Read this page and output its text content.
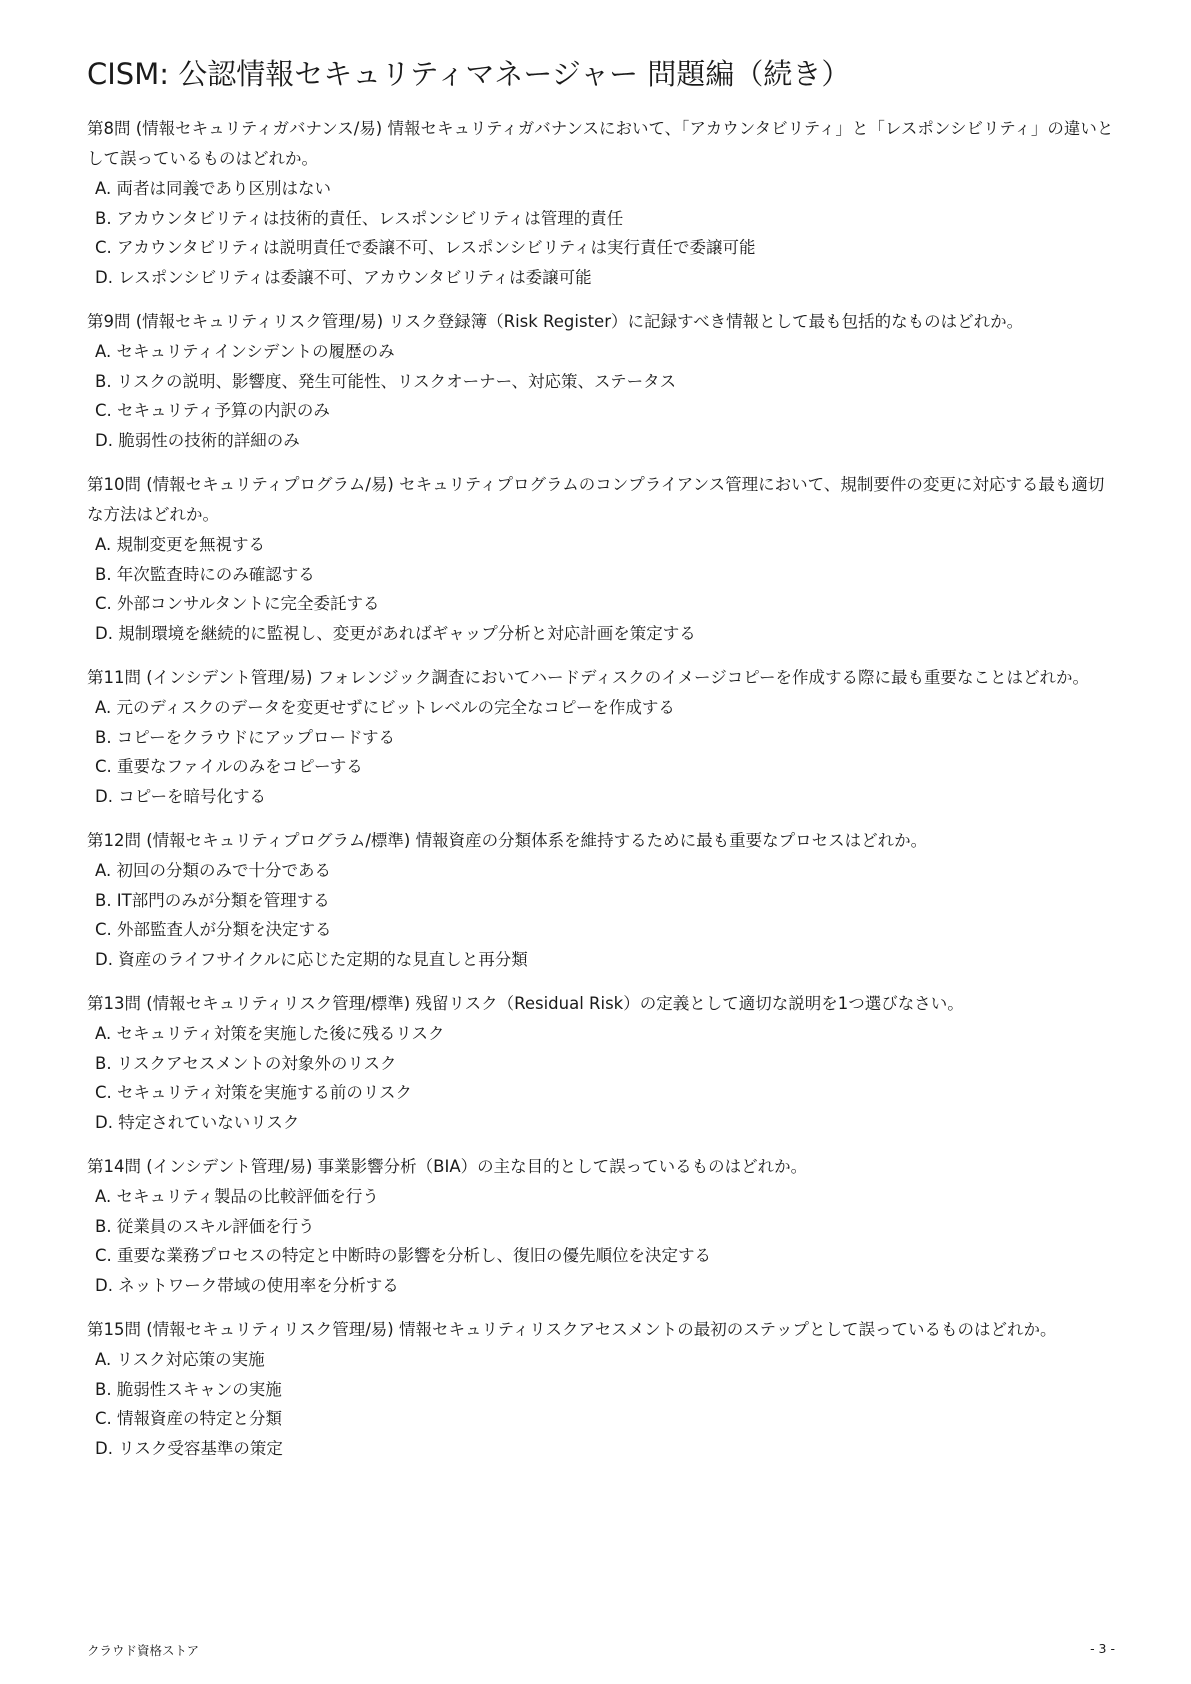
CISM: 公認情報セキュリティマネージャー 問題編（続き）

第8問 (情報セキュリティガバナンス/易) 情報セキュリティガバナンスにおいて、「アカウンタビリティ」と「レスポンシビリティ」の違いとして誤っているものはどれか。

A. 両者は同義であり区別はない
B. アカウンタビリティは技術的責任、レスポンシビリティは管理的責任
C. アカウンタビリティは説明責任で委譲不可、レスポンシビリティは実行責任で委譲可能
D. レスポンシビリティは委譲不可、アカウンタビリティは委譲可能

第9問 (情報セキュリティリスク管理/易) リスク登録簿（Risk Register）に記録すべき情報として最も包括的なものはどれか。

A. セキュリティインシデントの履歴のみ
B. リスクの説明、影響度、発生可能性、リスクオーナー、対応策、ステータス
C. セキュリティ予算の内訳のみ
D. 脆弱性の技術的詳細のみ

第10問 (情報セキュリティプログラム/易) セキュリティプログラムのコンプライアンス管理において、規制要件の変更に対応する最も適切な方法はどれか。

A. 規制変更を無視する
B. 年次監査時にのみ確認する
C. 外部コンサルタントに完全委託する
D. 規制環境を継続的に監視し、変更があればギャップ分析と対応計画を策定する

第11問 (インシデント管理/易) フォレンジック調査においてハードディスクのイメージコピーを作成する際に最も重要なことはどれか。

A. 元のディスクのデータを変更せずにビットレベルの完全なコピーを作成する
B. コピーをクラウドにアップロードする
C. 重要なファイルのみをコピーする
D. コピーを暗号化する

第12問 (情報セキュリティプログラム/標準) 情報資産の分類体系を維持するために最も重要なプロセスはどれか。

A. 初回の分類のみで十分である
B. IT部門のみが分類を管理する
C. 外部監査人が分類を決定する
D. 資産のライフサイクルに応じた定期的な見直しと再分類

第13問 (情報セキュリティリスク管理/標準) 残留リスク（Residual Risk）の定義として適切な説明を1つ選びなさい。

A. セキュリティ対策を実施した後に残るリスク
B. リスクアセスメントの対象外のリスク
C. セキュリティ対策を実施する前のリスク
D. 特定されていないリスク

第14問 (インシデント管理/易) 事業影響分析（BIA）の主な目的として誤っているものはどれか。

A. セキュリティ製品の比較評価を行う
B. 従業員のスキル評価を行う
C. 重要な業務プロセスの特定と中断時の影響を分析し、復旧の優先順位を決定する
D. ネットワーク帯域の使用率を分析する

第15問 (情報セキュリティリスク管理/易) 情報セキュリティリスクアセスメントの最初のステップとして誤っているものはどれか。

A. リスク対応策の実施
B. 脆弱性スキャンの実施
C. 情報資産の特定と分類
D. リスク受容基準の策定
クラウド資格ストア	- 3 -
